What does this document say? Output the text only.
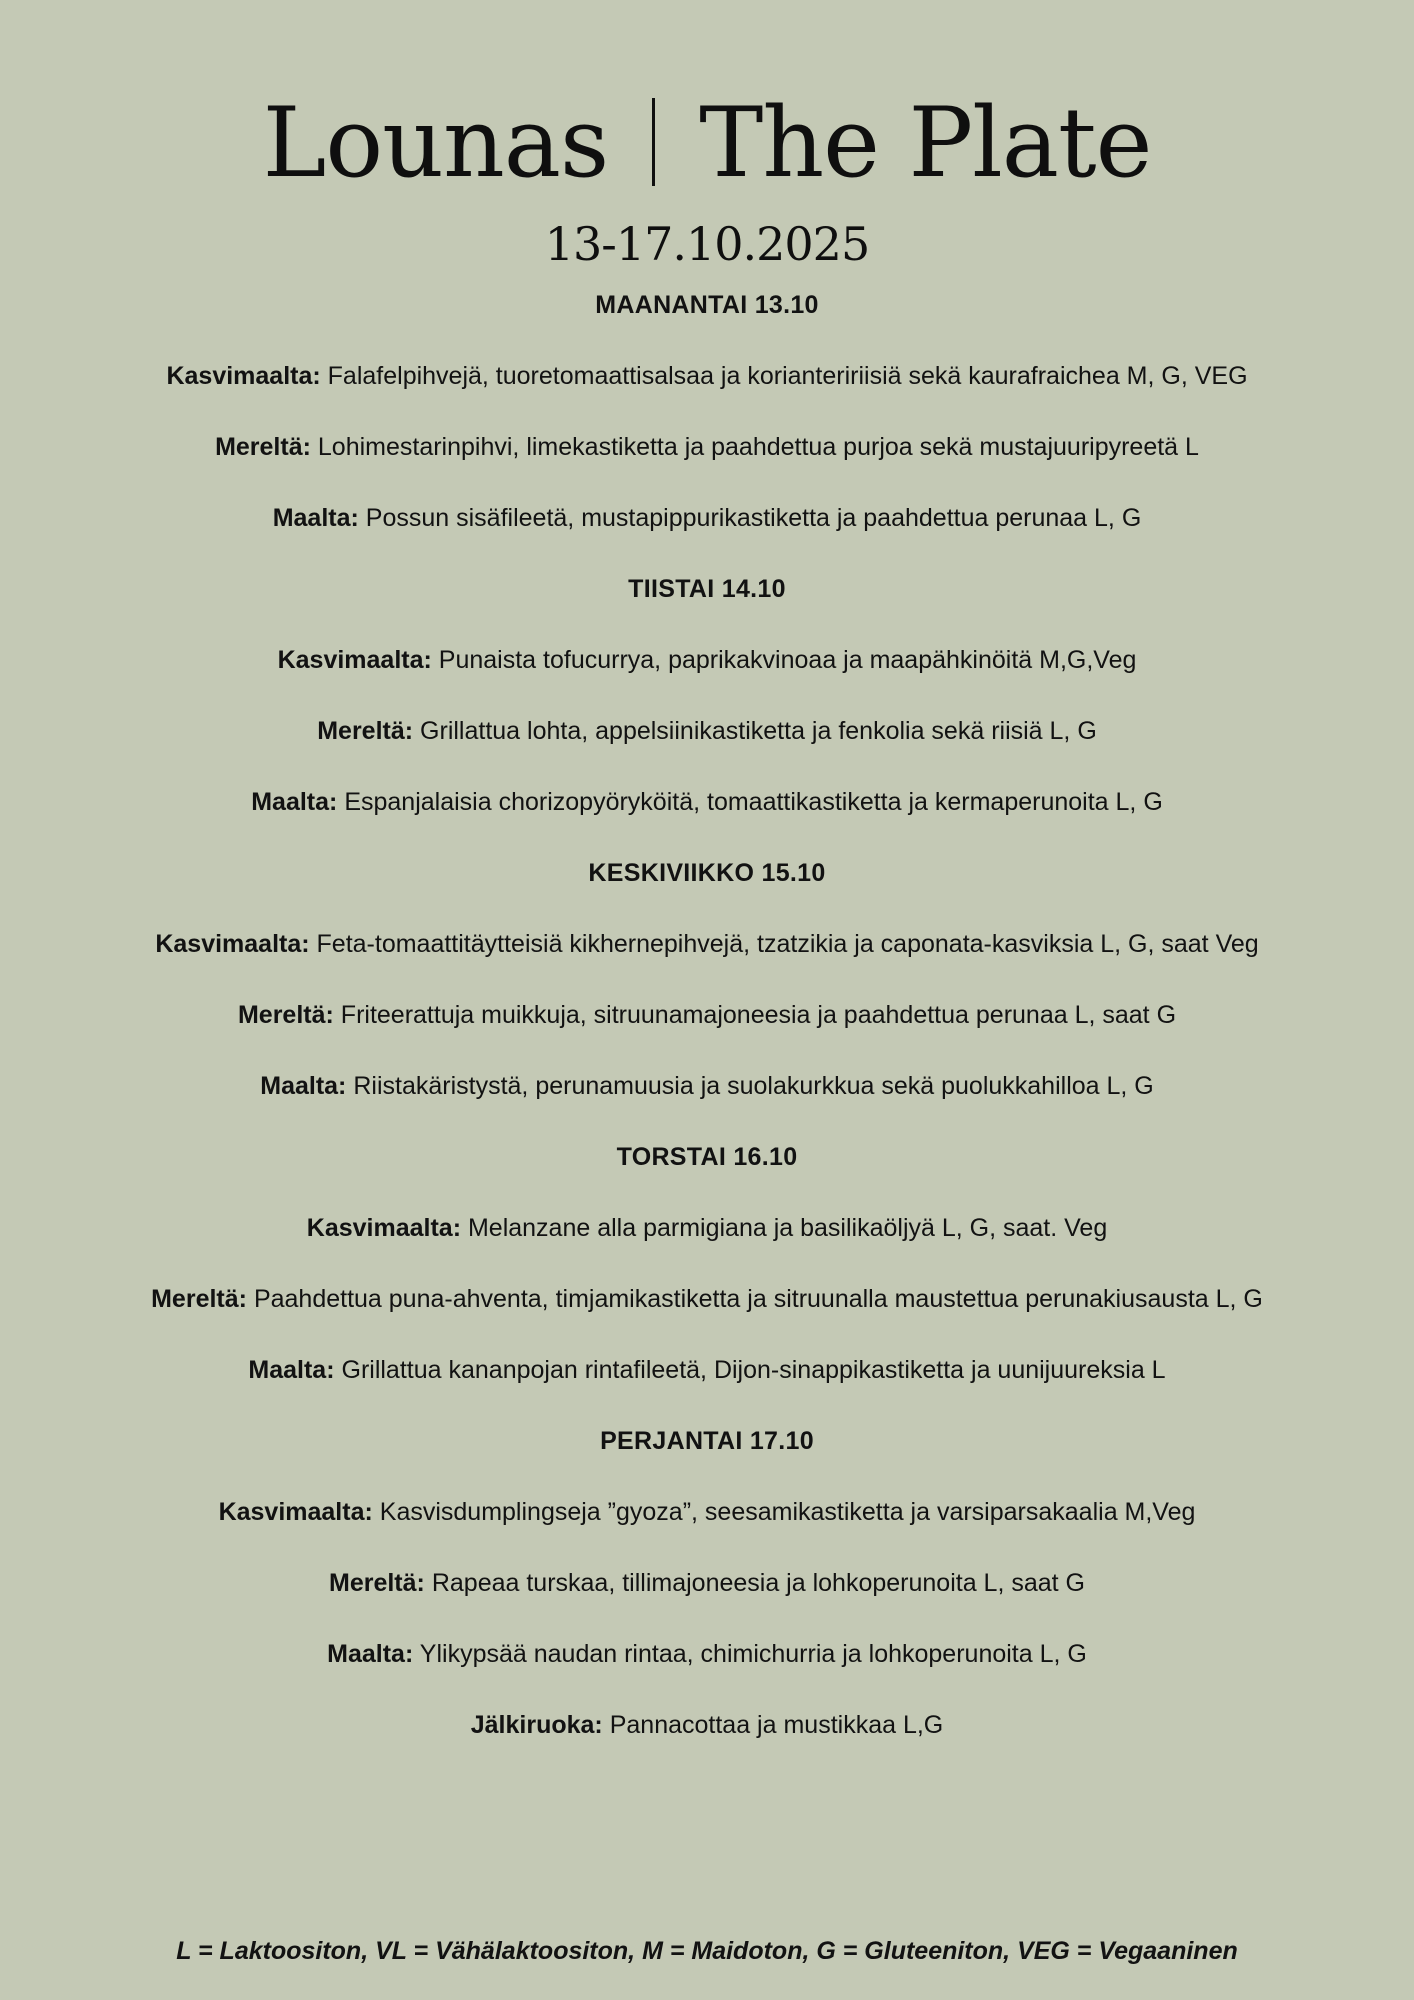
Lounas The Plate
13-17.10.2025
MAANANTAI 13.10
Kasvimaalta: Falafelpihvejä, tuoretomaattisalsaa ja korianteririisiä sekä kaurafraichea M, G, VEG
Mereltä: Lohimestarinpihvi, limekastiketta ja paahdettua purjoa sekä mustajuuripyreetä L
Maalta: Possun sisäfileetä, mustapippurikastiketta ja paahdettua perunaa L, G
TIISTAI 14.10
Kasvimaalta: Punaista tofucurrya, paprikakvinoaa ja maapähkinöitä M,G,Veg
Mereltä: Grillattua lohta, appelsiinikastiketta ja fenkolia sekä riisiä L, G
Maalta: Espanjalaisia chorizopyöryköitä, tomaattikastiketta ja kermaperunoita L, G
KESKIVIIKKO 15.10
Kasvimaalta: Feta-tomaattitäytteisiä kikhernepihvejä, tzatzikia ja caponata-kasviksia L, G, saat Veg
Mereltä: Friteerattuja muikkuja, sitruunamajoneesia ja paahdettua perunaa L, saat G
Maalta: Riistakäristystä, perunamuusia ja suolakurkkua sekä puolukkahilloa L, G
TORSTAI 16.10
Kasvimaalta: Melanzane alla parmigiana ja basilikaöljyä L, G, saat. Veg
Mereltä: Paahdettua puna-ahventa, timjamikastiketta ja sitruunalla maustettua perunakiusausta L, G
Maalta: Grillattua kananpojan rintafileetä, Dijon-sinappikastiketta ja uunijuureksia L
PERJANTAI 17.10
Kasvimaalta: Kasvisdumplingseja ”gyoza”, seesamikastiketta ja varsiparsakaalia M,Veg
Mereltä: Rapeaa turskaa, tillimajoneesia ja lohkoperunoita L, saat G
Maalta: Ylikypsää naudan rintaa, chimichurria ja lohkoperunoita L, G
Jälkiruoka: Pannacottaa ja mustikkaa L,G
L = Laktoositon, VL = Vähälaktoositon, M = Maidoton, G = Gluteeniton, VEG = Vegaaninen
